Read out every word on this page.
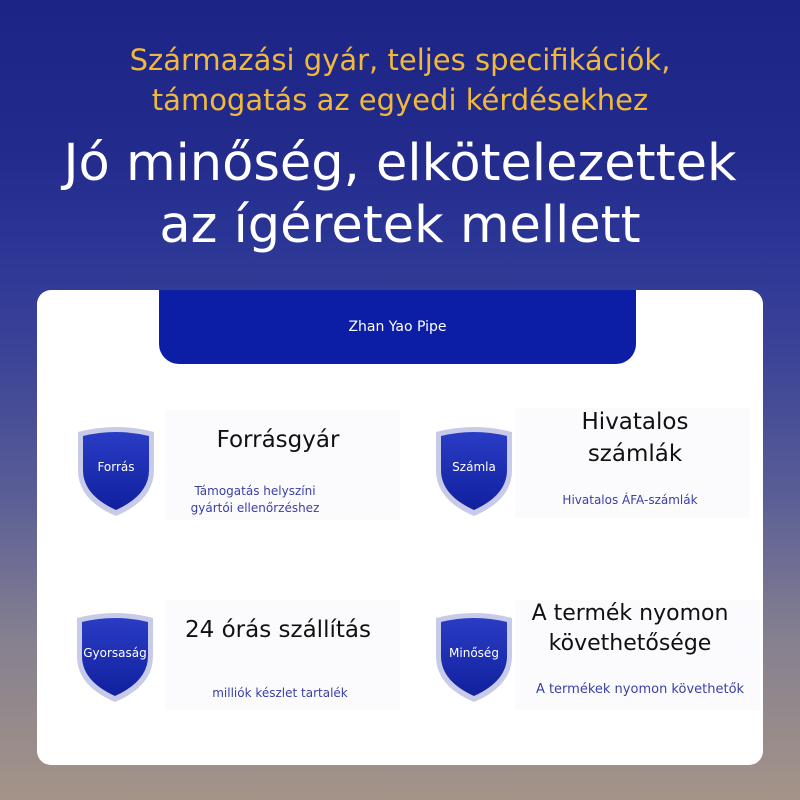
Származási gyár, teljes specifikációk,
támogatás az egyedi kérdésekhez
Jó minőség, elkötelezettek
az ígéretek mellett
Zhan Yao Pipe
Forrás
Forrásgyár
Támogatás helyszíni
gyártói ellenőrzéshez
Számla
Hivatalos
számlák
Hivatalos ÁFA-számlák
Gyorsaság
24 órás szállítás
milliók készlet tartalék
Minőség
A termék nyomon
követhetősége
A termékek nyomon követhetők
